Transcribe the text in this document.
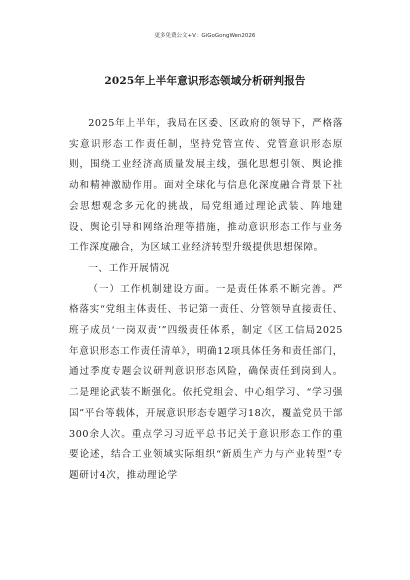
更多免费公文+V：GiGoGongWen2026
2025年上半年意识形态领域分析研判报告

2025年上半年，我局在区委、区政府的领导下，严格落实意识形态工作责任制，坚持党管宣传、党管意识形态原则，围绕工业经济高质量发展主线，强化思想引领、舆论推动和精神激励作用。面对全球化与信息化深度融合背景下社会思想观念多元化的挑战，局党组通过理论武装、阵地建设、舆论引导和网络治理等措施，推动意识形态工作与业务工作深度融合，为区域工业经济转型升级提供思想保障。

一、工作开展情况

（一）工作机制建设方面。一是责任体系不断完善。严格落实“党组主体责任、书记第一责任、分管领导直接责任、班子成员‘一岗双责’”四级责任体系，制定《区工信局2025年意识形态工作责任清单》，明确12项具体任务和责任部门，通过季度专题会议研判意识形态风险，确保责任到岗到人。二是理论武装不断强化。依托党组会、中心组学习、“学习强国”平台等载体，开展意识形态专题学习18次，覆盖党员干部300余人次。重点学习习近平总书记关于意识形态工作的重要论述，结合工业领域实际组织“新质生产力与产业转型”专题研讨4次，推动理论学
